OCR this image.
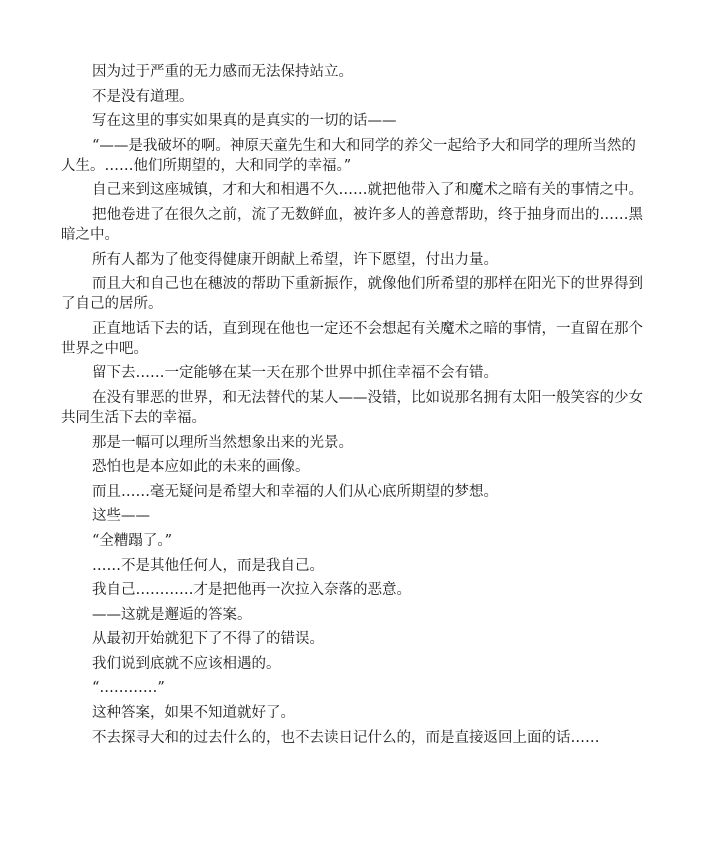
因为过于严重的无力感而无法保持站立。

不是没有道理。

写在这里的事实如果真的是真实的一切的话——

“——是我破坏的啊。神原天童先生和大和同学的养父一起给予大和同学的理所当然的人生。……他们所期望的，大和同学的幸福。”

自己来到这座城镇，才和大和相遇不久……就把他带入了和魔术之暗有关的事情之中。

把他卷进了在很久之前，流了无数鲜血，被许多人的善意帮助，终于抽身而出的……黑暗之中。

所有人都为了他变得健康开朗献上希望，许下愿望，付出力量。

而且大和自己也在穗波的帮助下重新振作，就像他们所希望的那样在阳光下的世界得到了自己的居所。

正直地话下去的话，直到现在他也一定还不会想起有关魔术之暗的事情，一直留在那个世界之中吧。

留下去……一定能够在某一天在那个世界中抓住幸福不会有错。

在没有罪恶的世界，和无法替代的某人——没错，比如说那名拥有太阳一般笑容的少女共同生活下去的幸福。

那是一幅可以理所当然想象出来的光景。

恐怕也是本应如此的未来的画像。

而且……毫无疑问是希望大和幸福的人们从心底所期望的梦想。

这些——

“全糟蹋了。”

……不是其他任何人，而是我自己。

我自己…………才是把他再一次拉入奈落的恶意。

——这就是邂逅的答案。

从最初开始就犯下了不得了的错误。

我们说到底就不应该相遇的。

“…………”

这种答案，如果不知道就好了。

不去探寻大和的过去什么的，也不去读日记什么的，而是直接返回上面的话……
